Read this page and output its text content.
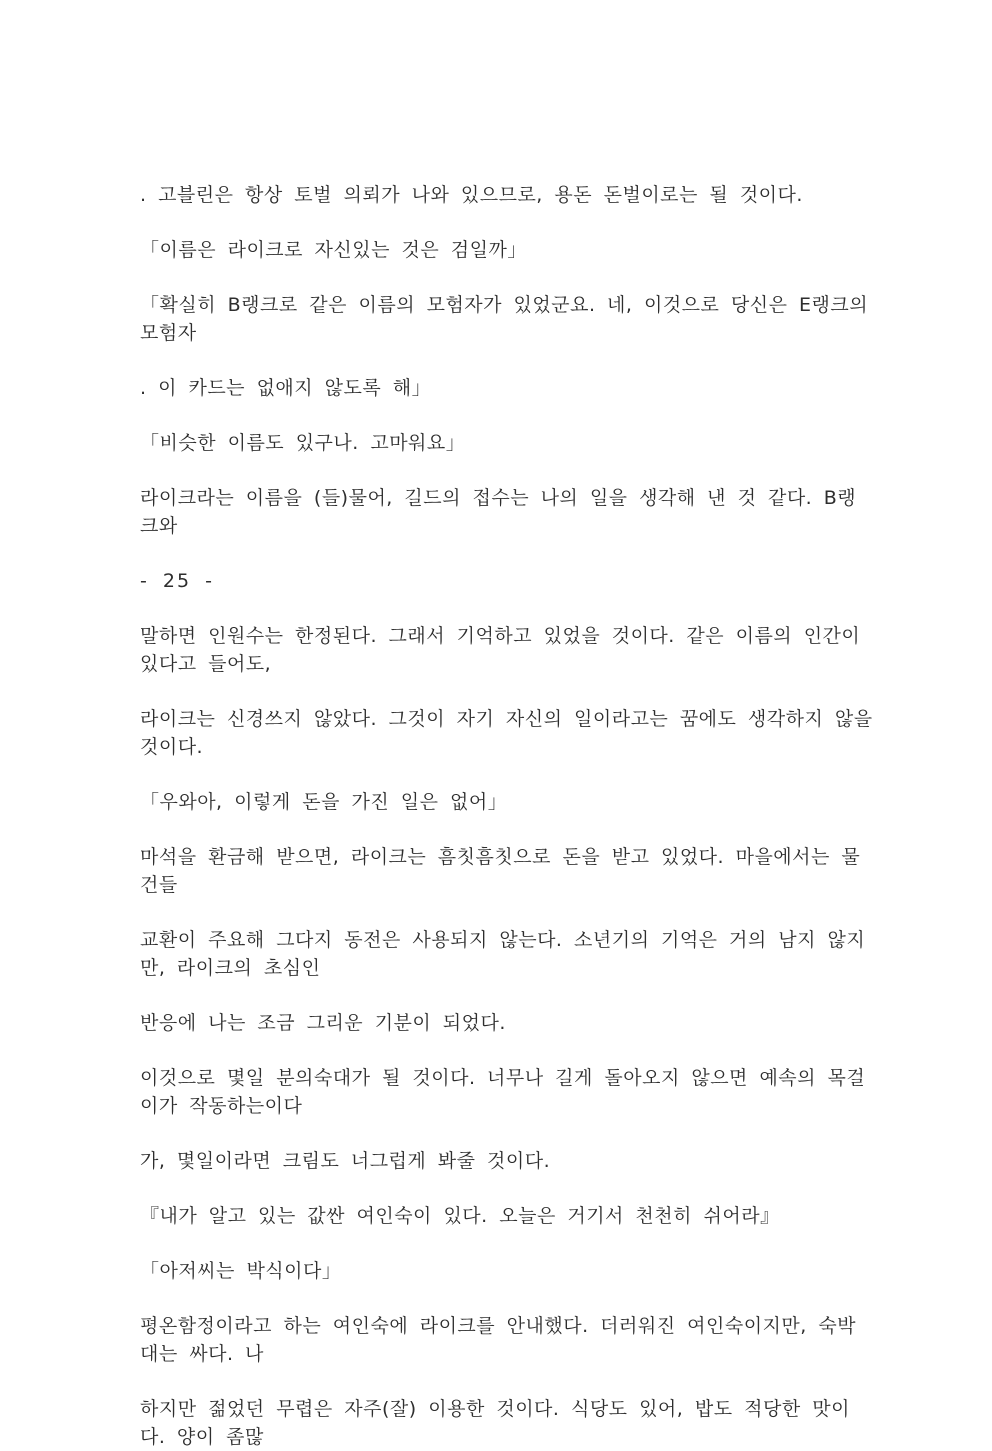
. 고블린은 항상 토벌 의뢰가 나와 있으므로, 용돈 돈벌이로는 될 것이다.

「이름은 라이크로 자신있는 것은 검일까」

「확실히 B랭크로 같은 이름의 모험자가 있었군요. 네, 이것으로 당신은 E랭크의 모험자

. 이 카드는 없애지 않도록 해」

「비슷한 이름도 있구나. 고마워요」

라이크라는 이름을 (들)물어, 길드의 접수는 나의 일을 생각해 낸 것 같다. B랭크와

- 25 -

말하면 인원수는 한정된다. 그래서 기억하고 있었을 것이다. 같은 이름의 인간이 있다고 들어도,

라이크는 신경쓰지 않았다. 그것이 자기 자신의 일이라고는 꿈에도 생각하지 않을 것이다.

「우와아, 이렇게 돈을 가진 일은 없어」

마석을 환금해 받으면, 라이크는 흠칫흠칫으로 돈을 받고 있었다. 마을에서는 물건들

교환이 주요해 그다지 동전은 사용되지 않는다. 소년기의 기억은 거의 남지 않지만, 라이크의 초심인

반응에 나는 조금 그리운 기분이 되었다.

이것으로 몇일 분의숙대가 될 것이다. 너무나 길게 돌아오지 않으면 예속의 목걸이가 작동하는이다

가, 몇일이라면 크림도 너그럽게 봐줄 것이다.

『내가 알고 있는 값싼 여인숙이 있다. 오늘은 거기서 천천히 쉬어라』

「아저씨는 박식이다」

평온함정이라고 하는 여인숙에 라이크를 안내했다. 더러워진 여인숙이지만, 숙박대는 싸다. 나

하지만 젊었던 무렵은 자주(잘) 이용한 것이다. 식당도 있어, 밥도 적당한 맛이다. 양이 좀많
